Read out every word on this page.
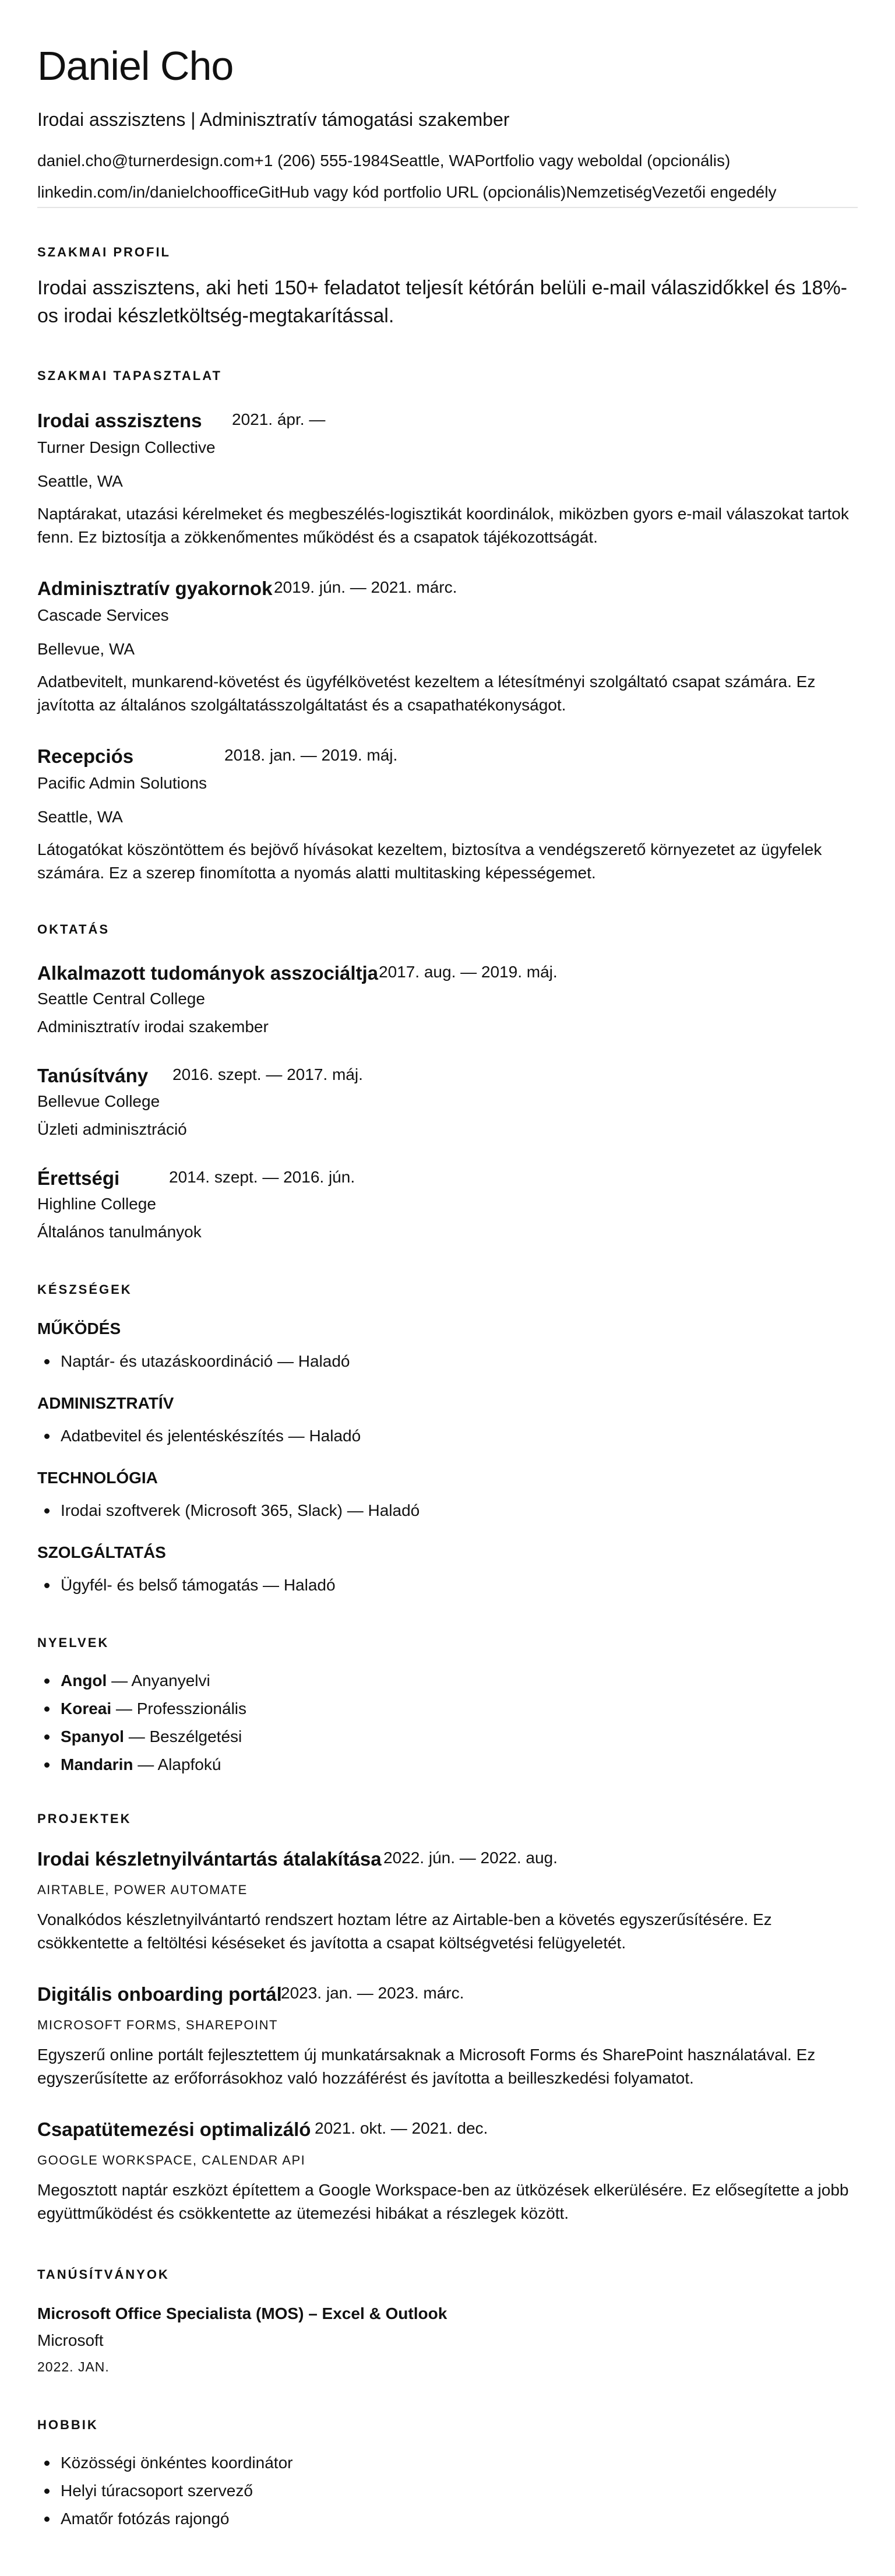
Daniel Cho
Irodai asszisztens | Adminisztratív támogatási szakember
daniel.cho@turnerdesign.com+1 (206) 555-1984Seattle, WAPortfolio vagy weboldal (opcionális)
linkedin.com/in/danielchoofficeGitHub vagy kód portfolio URL (opcionális)NemzetiségVezetői engedély
SZAKMAI PROFIL

Irodai asszisztens, aki heti 150+ feladatot teljesít kétórán belüli e-mail válaszidőkkel és 18%-os irodai készletköltség-megtakarítással.

SZAKMAI TAPASZTALAT
Irodai asszisztens 2021. ápr. —
Turner Design Collective
Seattle, WA

Naptárakat, utazási kérelmeket és megbeszélés-logisztikát koordinálok, miközben gyors e-mail válaszokat tartok fenn. Ez biztosítja a zökkenőmentes működést és a csapatok tájékozottságát.

Adminisztratív gyakornok 2019. jún. — 2021. márc.
Cascade Services
Bellevue, WA

Adatbevitelt, munkarend-követést és ügyfélkövetést kezeltem a létesítményi szolgáltató csapat számára. Ez javította az általános szolgáltatásszolgáltatást és a csapathatékonyságot.

Recepciós	2018. jan. — 2019. máj.
Pacific Admin Solutions
Seattle, WA

Látogatókat köszöntöttem és bejövő hívásokat kezeltem, biztosítva a vendégszerető környezetet az ügyfelek számára. Ez a szerep finomította a nyomás alatti multitasking képességemet.

OKTATÁS
Alkalmazott tudományok asszociáltja 2017. aug. — 2019. máj.
Seattle Central College
Adminisztratív irodai szakember
Tanúsítvány 2016. szept. — 2017. máj.
Bellevue College
Üzleti adminisztráció
Érettségi	2014. szept. — 2016. jún.
Highline College
Általános tanulmányok
KÉSZSÉGEK
MŰKÖDÉS
Naptár- és utazáskoordináció — Haladó
ADMINISZTRATÍV
Adatbevitel és jelentéskészítés — Haladó
TECHNOLÓGIA
Irodai szoftverek (Microsoft 365, Slack) — Haladó
SZOLGÁLTATÁS
Ügyfél- és belső támogatás — Haladó
NYELVEK
Angol — Anyanyelvi
Koreai — Professzionális
Spanyol — Beszélgetési
Mandarin — Alapfokú
PROJEKTEK
Irodai készletnyilvántartás átalakítása 2022. jún. — 2022. aug.
AIRTABLE, POWER AUTOMATE

Vonalkódos készletnyilvántartó rendszert hoztam létre az Airtable-ben a követés egyszerűsítésére. Ez csökkentette a feltöltési késéseket és javította a csapat költségvetési felügyeletét.

Digitális onboarding portál
2023. jan. — 2023. márc.
MICROSOFT FORMS, SHAREPOINT

Egyszerű online portált fejlesztettem új munkatársaknak a Microsoft Forms és SharePoint használatával. Ez egyszerűsítette az erőforrásokhoz való hozzáférést és javította a beilleszkedési folyamatot.

Csapatütemezési optimalizáló 2021. okt. — 2021. dec.
GOOGLE WORKSPACE, CALENDAR API

Megosztott naptár eszközt építettem a Google Workspace-ben az ütközések elkerülésére. Ez elősegítette a jobb együttműködést és csökkentette az ütemezési hibákat a részlegek között.

TANÚSÍTVÁNYOK
Microsoft Office Specialista (MOS) – Excel & Outlook
Microsoft
2022. JAN.
HOBBIK
Közösségi önkéntes koordinátor
Helyi túracsoport szervező
Amatőr fotózás rajongó
